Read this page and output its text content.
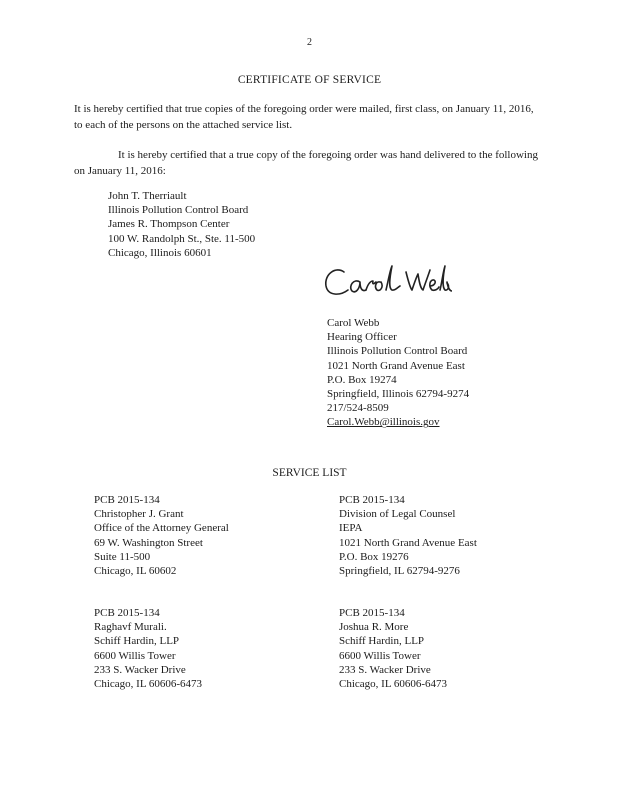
2
CERTIFICATE OF SERVICE
It is hereby certified that true copies of the foregoing order were mailed, first class, on January 11, 2016, to each of the persons on the attached service list.
It is hereby certified that a true copy of the foregoing order was hand delivered to the following on January 11, 2016:
John T. Therriault
Illinois Pollution Control Board
James R. Thompson Center
100 W. Randolph St., Ste. 11-500
Chicago, Illinois 60601
Carol Webb
Hearing Officer
Illinois Pollution Control Board
1021 North Grand Avenue East
P.O. Box 19274
Springfield, Illinois 62794-9274
217/524-8509
Carol.Webb@illinois.gov
SERVICE LIST
PCB 2015-134
Christopher J. Grant
Office of the Attorney General
69 W. Washington Street
Suite 11-500
Chicago, IL 60602
PCB 2015-134
Division of Legal Counsel
IEPA
1021 North Grand Avenue East
P.O. Box 19276
Springfield, IL 62794-9276
PCB 2015-134
Raghavf Murali.
Schiff Hardin, LLP
6600 Willis Tower
233 S. Wacker Drive
Chicago, IL 60606-6473
PCB 2015-134
Joshua R. More
Schiff Hardin, LLP
6600 Willis Tower
233 S. Wacker Drive
Chicago, IL 60606-6473
